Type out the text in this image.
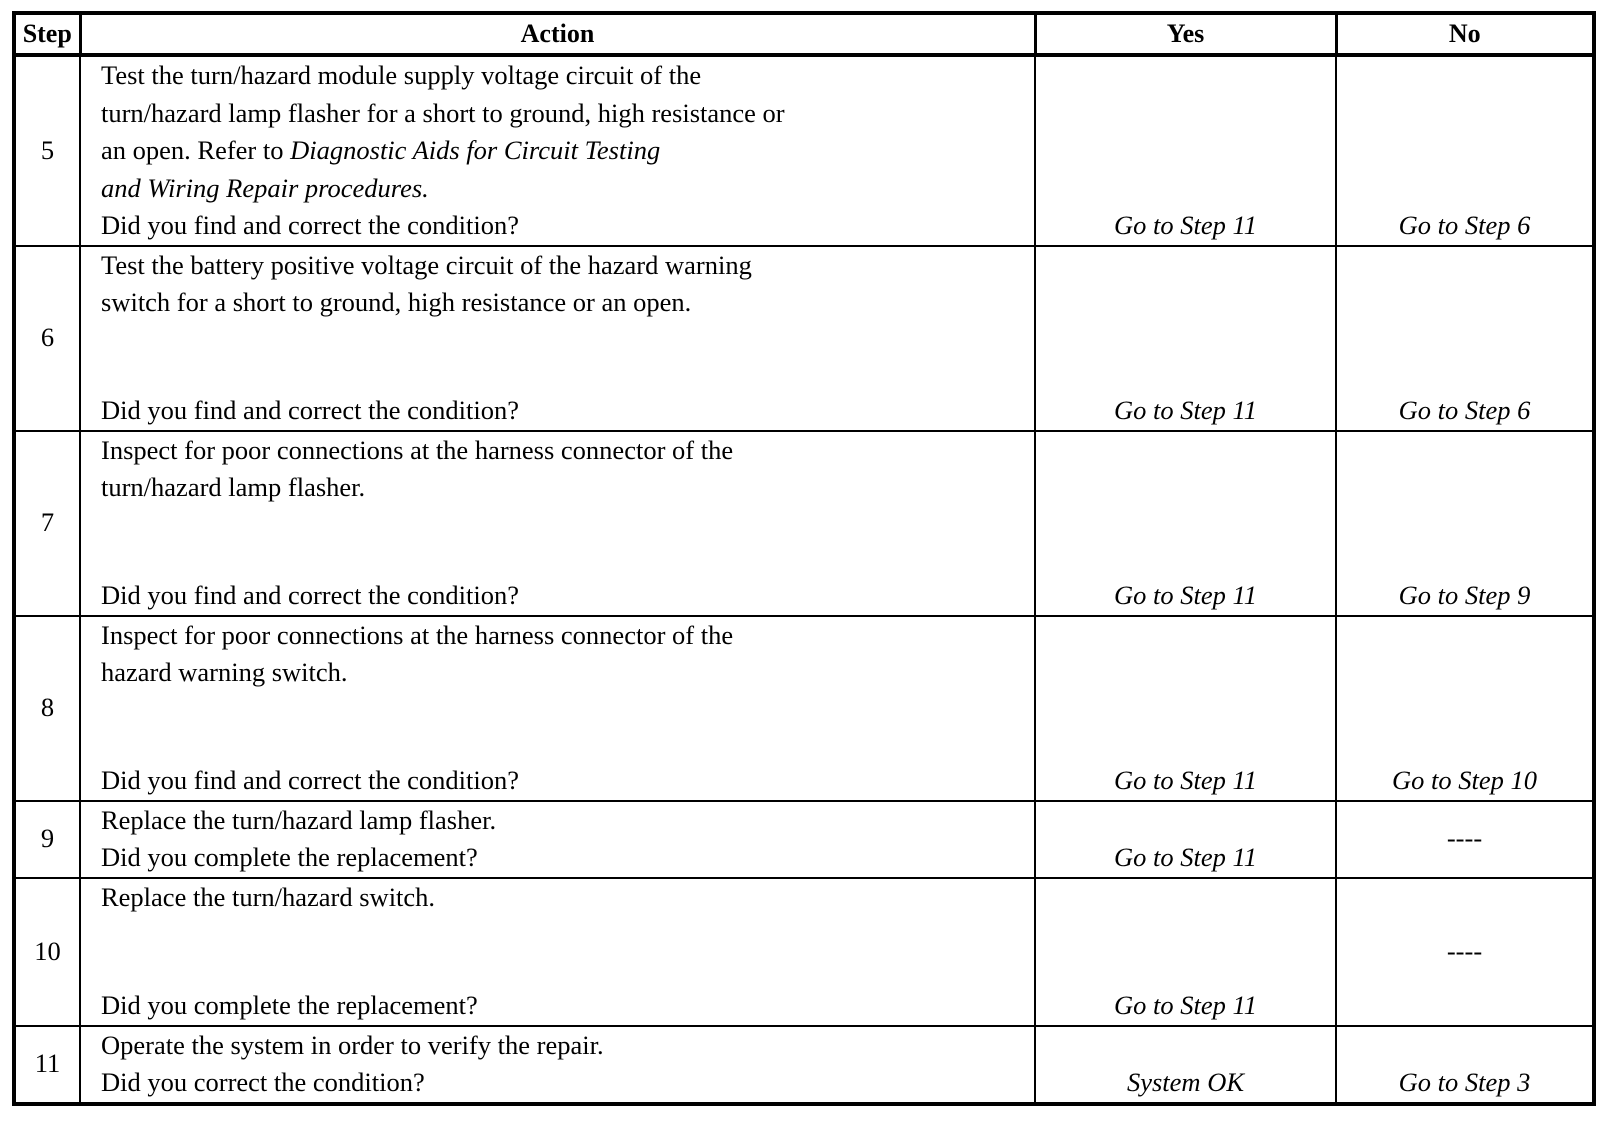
Step	Action	Yes	No
5	Test the turn/hazard module supply voltage circuit of the
turn/hazard lamp flasher for a short to ground, high resistance or
an open. Refer to Diagnostic Aids for Circuit Testing
and Wiring Repair procedures.
Did you find and correct the condition?	Go to Step 11	Go to Step 6
6	Test the battery positive voltage circuit of the hazard warning
switch for a short to ground, high resistance or an open.
Did you find and correct the condition?	Go to Step 11	Go to Step 6
7	Inspect for poor connections at the harness connector of the
turn/hazard lamp flasher.
Did you find and correct the condition?	Go to Step 11	Go to Step 9
8	Inspect for poor connections at the harness connector of the
hazard warning switch.
Did you find and correct the condition?	Go to Step 11	Go to Step 10
9	Replace the turn/hazard lamp flasher.
Did you complete the replacement?	Go to Step 11	----
10	Replace the turn/hazard switch.
Did you complete the replacement?	Go to Step 11	----
11	Operate the system in order to verify the repair.
Did you correct the condition?	System OK	Go to Step 3
